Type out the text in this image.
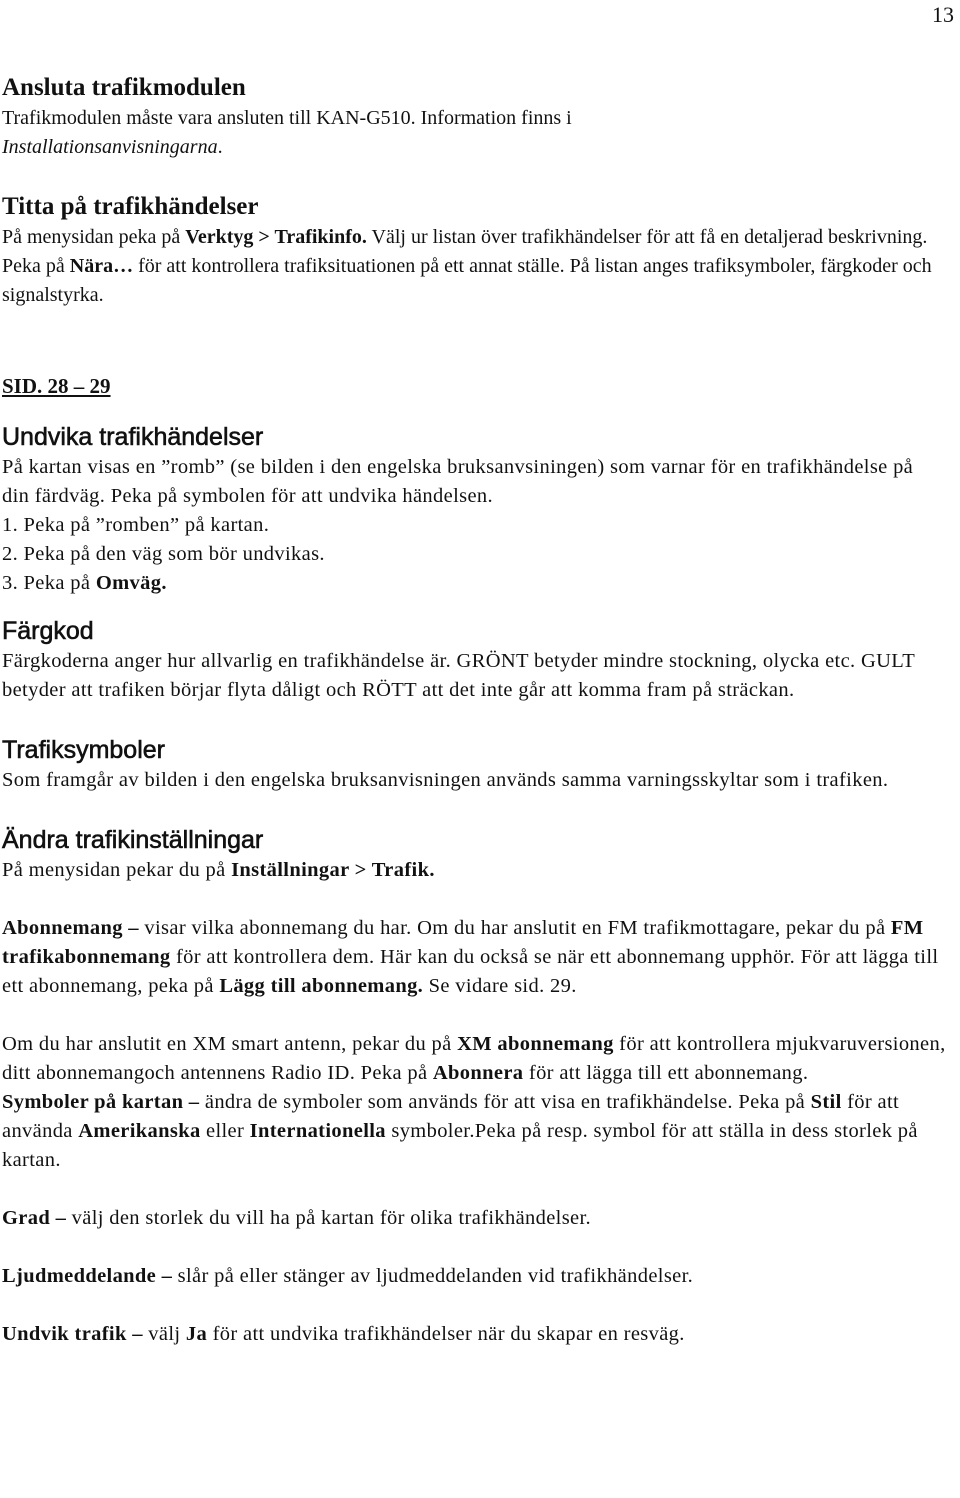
13
Ansluta trafikmodulen

Trafikmodulen måste vara ansluten till KAN-G510. Information finns i
Installationsanvisningarna.

Titta på trafikhändelser

På menysidan peka på Verktyg > Trafikinfo. Välj ur listan över trafikhändelser för att få en detaljerad beskrivning. Peka på Nära… för att kontrollera trafiksituationen på ett annat ställe. På listan anges trafiksymboler, färgkoder och signalstyrka.

SID. 28 – 29
Undvika trafikhändelser

På kartan visas en ”romb” (se bilden i den engelska bruksanvsiningen) som varnar för en trafikhändelse på din färdväg. Peka på symbolen för att undvika händelsen.

1. Peka på ”romben” på kartan.
2. Peka på den väg som bör undvikas.
3. Peka på Omväg.
Färgkod

Färgkoderna anger hur allvarlig en trafikhändelse är. GRÖNT betyder mindre stockning, olycka etc. GULT betyder att trafiken börjar flyta dåligt och RÖTT att det inte går att komma fram på sträckan.

Trafiksymboler

Som framgår av bilden i den engelska bruksanvisningen används samma varningsskyltar som i trafiken.

Ändra trafikinställningar

På menysidan pekar du på Inställningar > Trafik.

Abonnemang – visar vilka abonnemang du har. Om du har anslutit en FM trafikmottagare, pekar du på FM trafikabonnemang för att kontrollera dem. Här kan du också se när ett abonnemang upphör. För att lägga till ett abonnemang, peka på Lägg till abonnemang. Se vidare sid. 29.

Om du har anslutit en XM smart antenn, pekar du på XM abonnemang för att kontrollera mjukvaruversionen, ditt abonnemangoch antennens Radio ID. Peka på Abonnera för att lägga till ett abonnemang.

Symboler på kartan – ändra de symboler som används för att visa en trafikhändelse. Peka på Stil för att använda Amerikanska eller Internationella symboler.Peka på resp. symbol för att ställa in dess storlek på kartan.

Grad – välj den storlek du vill ha på kartan för olika trafikhändelser.

Ljudmeddelande – slår på eller stänger av ljudmeddelanden vid trafikhändelser.

Undvik trafik – välj Ja för att undvika trafikhändelser när du skapar en resväg.
